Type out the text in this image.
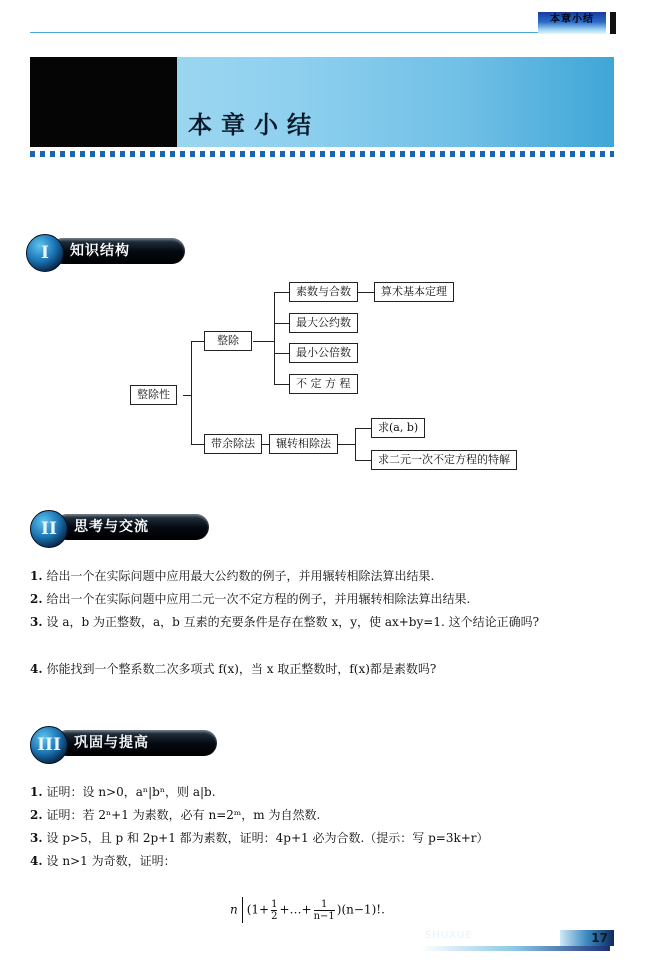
本章小结
本章小结
I	知识结构
整除性
整除
素数与合数	算术基本定理
最大公约数
最小公倍数
不 定 方 程
带余除法	辗转相除法
求(a, b)
求二元一次不定方程的特解
II	思考与交流
1. 给出一个在实际问题中应用最大公约数的例子，并用辗转相除法算出结果.
2. 给出一个在实际问题中应用二元一次不定方程的例子，并用辗转相除法算出结果.
3. 设 a，b 为正整数，a，b 互素的充要条件是存在整数 x，y，使 ax+by=1. 这个结论正确吗?
4. 你能找到一个整系数二次多项式 f(x)，当 x 取正整数时，f(x)都是素数吗?
III 巩固与提高
1. 证明：设 n>0，aⁿ|bⁿ，则 a|b.
2. 证明：若 2ⁿ+1 为素数，必有 n=2ᵐ，m 为自然数.
3. 设 p>5，且 p 和 2p+1 都为素数，证明：4p+1 必为合数.（提示：写 p=3k+r）
4. 设 n>1 为奇数，证明：
n ($1+ \frac{1}{2}$ +…+ $\frac{1}{n-1} )(n-1)$!.
SHUXUE	17
